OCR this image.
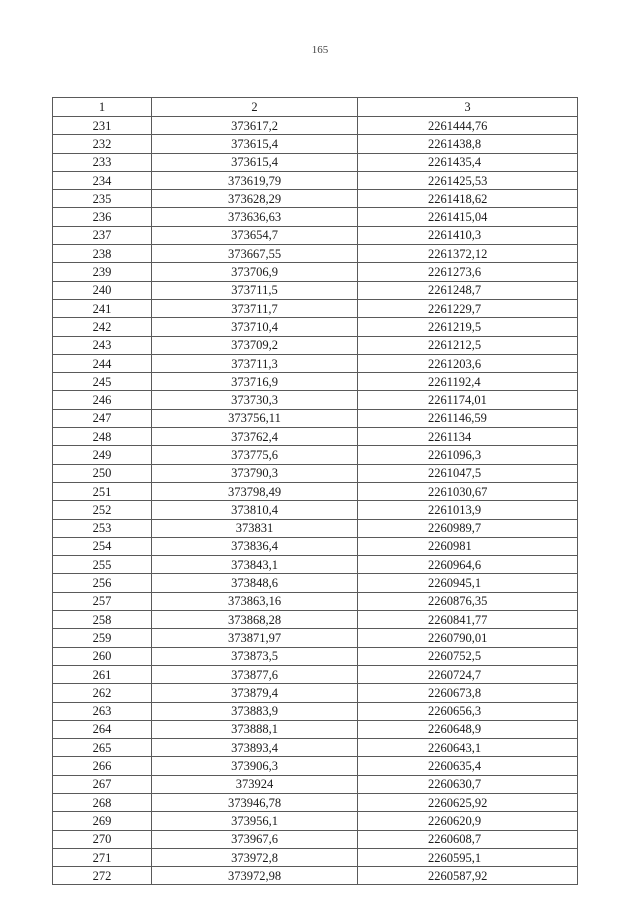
165
1	2	3
231	373617,2	2261444,76
232	373615,4	2261438,8
233	373615,4	2261435,4
234	373619,79	2261425,53
235	373628,29	2261418,62
236	373636,63	2261415,04
237	373654,7	2261410,3
238	373667,55	2261372,12
239	373706,9	2261273,6
240	373711,5	2261248,7
241	373711,7	2261229,7
242	373710,4	2261219,5
243	373709,2	2261212,5
244	373711,3	2261203,6
245	373716,9	2261192,4
246	373730,3	2261174,01
247	373756,11	2261146,59
248	373762,4	2261134
249	373775,6	2261096,3
250	373790,3	2261047,5
251	373798,49	2261030,67
252	373810,4	2261013,9
253	373831	2260989,7
254	373836,4	2260981
255	373843,1	2260964,6
256	373848,6	2260945,1
257	373863,16	2260876,35
258	373868,28	2260841,77
259	373871,97	2260790,01
260	373873,5	2260752,5
261	373877,6	2260724,7
262	373879,4	2260673,8
263	373883,9	2260656,3
264	373888,1	2260648,9
265	373893,4	2260643,1
266	373906,3	2260635,4
267	373924	2260630,7
268	373946,78	2260625,92
269	373956,1	2260620,9
270	373967,6	2260608,7
271	373972,8	2260595,1
272	373972,98	2260587,92
